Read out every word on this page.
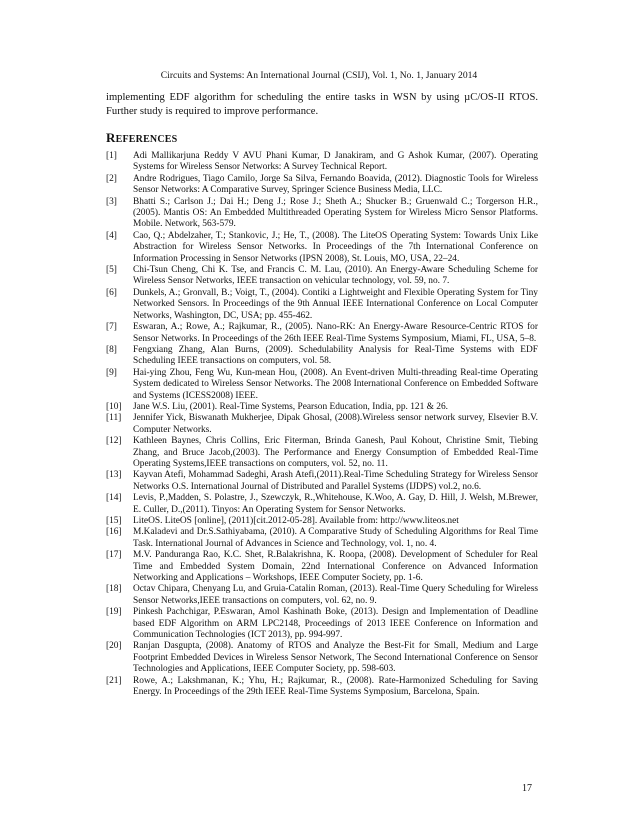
Circuits and Systems: An International Journal (CSIJ), Vol. 1, No. 1, January 2014

implementing EDF algorithm for scheduling the entire tasks in WSN by using µC/OS-II RTOS. Further study is required to improve performance.

REFERENCES
[1]	Adi Mallikarjuna Reddy V AVU Phani Kumar, D Janakiram, and G Ashok Kumar, (2007). Operating Systems for Wireless Sensor Networks: A Survey Technical Report.
[2]	Andre Rodrigues, Tiago Camilo, Jorge Sa Silva, Fernando Boavida, (2012). Diagnostic Tools for Wireless Sensor Networks: A Comparative Survey, Springer Science Business Media, LLC.
[3]	Bhatti S.; Carlson J.; Dai H.; Deng J.; Rose J.; Sheth A.; Shucker B.; Gruenwald C.; Torgerson H.R., (2005). Mantis OS: An Embedded Multithreaded Operating System for Wireless Micro Sensor Platforms. Mobile. Network, 563-579.
[4]	Cao, Q.; Abdelzaher, T.; Stankovic, J.; He, T., (2008). The LiteOS Operating System: Towards Unix Like Abstraction for Wireless Sensor Networks. In Proceedings of the 7th International Conference on Information Processing in Sensor Networks (IPSN 2008), St. Louis, MO, USA, 22–24.
[5]	Chi-Tsun Cheng, Chi K. Tse, and Francis C. M. Lau, (2010). An Energy-Aware Scheduling Scheme for Wireless Sensor Networks, IEEE transaction on vehicular technology, vol. 59, no. 7.
[6]	Dunkels, A.; Gronvall, B.; Voigt, T., (2004). Contiki a Lightweight and Flexible Operating System for Tiny Networked Sensors. In Proceedings of the 9th Annual IEEE International Conference on Local Computer Networks, Washington, DC, USA; pp. 455-462.
[7]	Eswaran, A.; Rowe, A.; Rajkumar, R., (2005). Nano-RK: An Energy-Aware Resource-Centric RTOS for Sensor Networks. In Proceedings of the 26th IEEE Real-Time Systems Symposium, Miami, FL, USA, 5–8.
[8]	Fengxiang Zhang, Alan Burns, (2009). Schedulability Analysis for Real-Time Systems with EDF Scheduling IEEE transactions on computers, vol. 58.
[9]	Hai-ying Zhou, Feng Wu, Kun-mean Hou, (2008). An Event-driven Multi-threading Real-time Operating System dedicated to Wireless Sensor Networks. The 2008 International Conference on Embedded Software and Systems (ICESS2008) IEEE.
[10]	Jane W.S. Liu, (2001). Real-Time Systems, Pearson Education, India, pp. 121 & 26.
[11]	Jennifer Yick, Biswanath Mukherjee, Dipak Ghosal, (2008).Wireless sensor network survey, Elsevier B.V. Computer Networks.
[12]	Kathleen Baynes, Chris Collins, Eric Fiterman, Brinda Ganesh, Paul Kohout, Christine Smit, Tiebing Zhang, and Bruce Jacob,(2003). The Performance and Energy Consumption of Embedded Real-Time Operating Systems,IEEE transactions on computers, vol. 52, no. 11.
[13]	Kayvan Atefi, Mohammad Sadeghi, Arash Atefi,(2011).Real-Time Scheduling Strategy for Wireless Sensor Networks O.S. International Journal of Distributed and Parallel Systems (IJDPS) vol.2, no.6.
[14]	Levis, P.,Madden, S. Polastre, J., Szewczyk, R.,Whitehouse, K.Woo, A. Gay, D. Hill, J. Welsh, M.Brewer, E. Culler, D.,(2011). Tinyos: An Operating System for Sensor Networks.
[15]	LiteOS. LiteOS [online], (2011)[cit.2012-05-28]. Available from: http://www.liteos.net
[16]	M.Kaladevi and Dr.S.Sathiyabama, (2010). A Comparative Study of Scheduling Algorithms for Real Time Task. International Journal of Advances in Science and Technology, vol. 1, no. 4.
[17]	M.V. Panduranga Rao, K.C. Shet, R.Balakrishna, K. Roopa, (2008). Development of Scheduler for Real Time and Embedded System Domain, 22nd International Conference on Advanced Information Networking and Applications – Workshops, IEEE Computer Society, pp. 1-6.
[18]	Octav Chipara, Chenyang Lu, and Gruia-Catalin Roman, (2013). Real-Time Query Scheduling for Wireless Sensor Networks,IEEE transactions on computers, vol. 62, no. 9.
[19]	Pinkesh Pachchigar, P.Eswaran, Amol Kashinath Boke, (2013). Design and Implementation of Deadline based EDF Algorithm on ARM LPC2148, Proceedings of 2013 IEEE Conference on Information and Communication Technologies (ICT 2013), pp. 994-997.
[20]	Ranjan Dasgupta, (2008). Anatomy of RTOS and Analyze the Best-Fit for Small, Medium and Large Footprint Embedded Devices in Wireless Sensor Network, The Second International Conference on Sensor Technologies and Applications, IEEE Computer Society, pp. 598-603.
[21]	Rowe, A.; Lakshmanan, K.; Yhu, H.; Rajkumar, R., (2008). Rate-Harmonized Scheduling for Saving Energy. In Proceedings of the 29th IEEE Real-Time Systems Symposium, Barcelona, Spain.
17
